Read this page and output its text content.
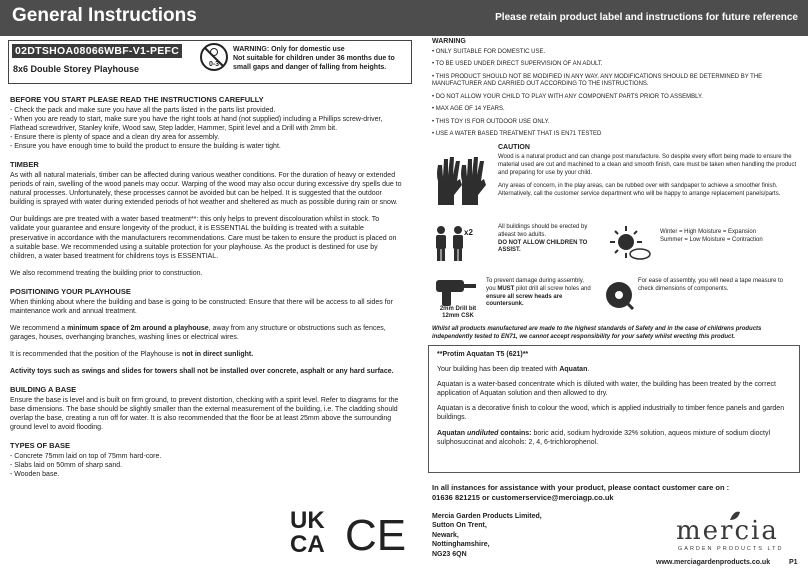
General Instructions	Please retain product label and instructions for future reference
02DTSHOA08066WBF-V1-PEFC
8x6 Double Storey Playhouse	0-3
WARNING: Only for domestic use
Not suitable for children under 36 months due to small gaps and danger of falling from heights.
BEFORE YOU START PLEASE READ THE INSTRUCTIONS CAREFULLY

- Check the pack and make sure you have all the parts listed in the parts list provided.

- When you are ready to start, make sure you have the right tools at hand (not supplied) including a Phillips screw-driver, Flathead screwdriver, Stanley knife, Wood saw, Step ladder, Hammer, Spirit level and a Drill with 2mm bit.

- Ensure there is plenty of space and a clean dry area for assembly.

- Ensure you have enough time to build the product to ensure the building is water tight.

TIMBER

As with all natural materials, timber can be affected during various weather conditions. For the duration of heavy or extended periods of rain, swelling of the wood panels may occur. Warping of the wood may also occur during excessive dry spells due to natural processes. Unfortunately, these processes cannot be avoided but can be helped. It is suggested that the outdoor building is sprayed with water during extended periods of hot weather and sheltered as much as possible during rain or snow.

Our buildings are pre treated with a water based treatment**: this only helps to prevent discolouration whilst in stock. To validate your guarantee and ensure longevity of the product, it is ESSENTIAL the building is treated with a suitable preservative in accordance with the manufacturers recommendations. Care must be taken to ensure the product is placed on a suitable base. We recommended using a suitable protection for your playhouse. As the product is destined for use by children, a water based treatment for childrens toys is ESSENTIAL.

We also recommend treating the building prior to construction.

POSITIONING YOUR PLAYHOUSE

When thinking about where the building and base is going to be constructed: Ensure that there will be access to all sides for maintenance work and annual treatment.

We recommend a minimum space of 2m around a playhouse, away from any structure or obstructions such as fences, garages, houses, overhanging branches, washing lines or electrical wires.

It is recommended that the position of the Playhouse is not in direct sunlight.

Activity toys such as swings and slides for towers shall not be installed over concrete, asphalt or any hard surface.

BUILDING A BASE

Ensure the base is level and is built on firm ground, to prevent distortion, checking with a spirit level. Refer to diagrams for the base dimensions. The base should be slightly smaller than the external measurement of the building, i.e. The cladding should overlap the base, creating a run off for water. It is also recommended that the floor be at least 25mm above the surrounding ground level to avoid flooding.

TYPES OF BASE

- Concrete 75mm laid on top of 75mm hard-core.

- Slabs laid on 50mm of sharp sand.

- Wooden base.

UK
CA CE
WARNING
• ONLY SUITABLE FOR DOMESTIC USE.
• TO BE USED UNDER DIRECT SUPERVISION OF AN ADULT.
• THIS PRODUCT SHOULD NOT BE MODIFIED IN ANY WAY. ANY MODIFICATIONS SHOULD BE DETERMINED BY THE MANUFACTURER AND CARRIED OUT ACCORDING TO THE INSTRUCTIONS.
• DO NOT ALLOW YOUR CHILD TO PLAY WITH ANY COMPONENT PARTS PRIOR TO ASSEMBLY.
• MAX AGE OF 14 YEARS.
• THIS TOY IS FOR OUTDOOR USE ONLY.
• USE A WATER BASED TREATMENT THAT IS EN71 TESTED
CAUTION

Wood is a natural product and can change post manufacture. So despite every effort being made to ensure the material used are cut and machined to a clean and smooth finish, care must be taken when handling the product and preparing for use by your child.

Any areas of concern, in the play areas, can be rubbed over with sandpaper to achieve a smoother finish. Alternatively, call the customer service department who will be happy to arrange replacement panels/parts.

x2
All buildings should be erected by atleast two adults.
DO NOT ALLOW CHILDREN TO ASSIST.
Winter = High Moisture = Expansion
Summer = Low Moisture = Contraction
2mm Drill bit 12mm CSK
To prevent damage during assembly, you MUST pilot drill all screw holes and ensure all screw heads are countersunk.
For ease of assembly, you will need a tape measure to check dimensions of components.
Whilst all products manufactured are made to the highest standards of Safety and in the case of childrens products independently tested to EN71, we cannot accept responsibility for your safety whilst erecting this product.

**Protim Aquatan T5 (621)**

Your building has been dip treated with Aquatan.

Aquatan is a water-based concentrate which is diluted with water, the building has been treated by the correct application of Aquatan solution and then allowed to dry.

Aquatan is a decorative finish to colour the wood, which is applied industrially to timber fence panels and garden buildings.

Aquatan undiluted contains: boric acid, sodium hydroxide 32% solution, aqueos mixture of sodium dioctyl sulphosuccinat and alcohols: 2, 4, 6-trichlorophenol.

In all instances for assistance with your product, please contact customer care on :
01636 821215 or customerservice@merciagp.co.uk
Mercia Garden Products Limited,
Sutton On Trent,
Newark,
Nottinghamshire,
NG23 6QN
mercia
GARDEN PRODUCTS LTD
www.merciagardenproducts.co.uk	P1
